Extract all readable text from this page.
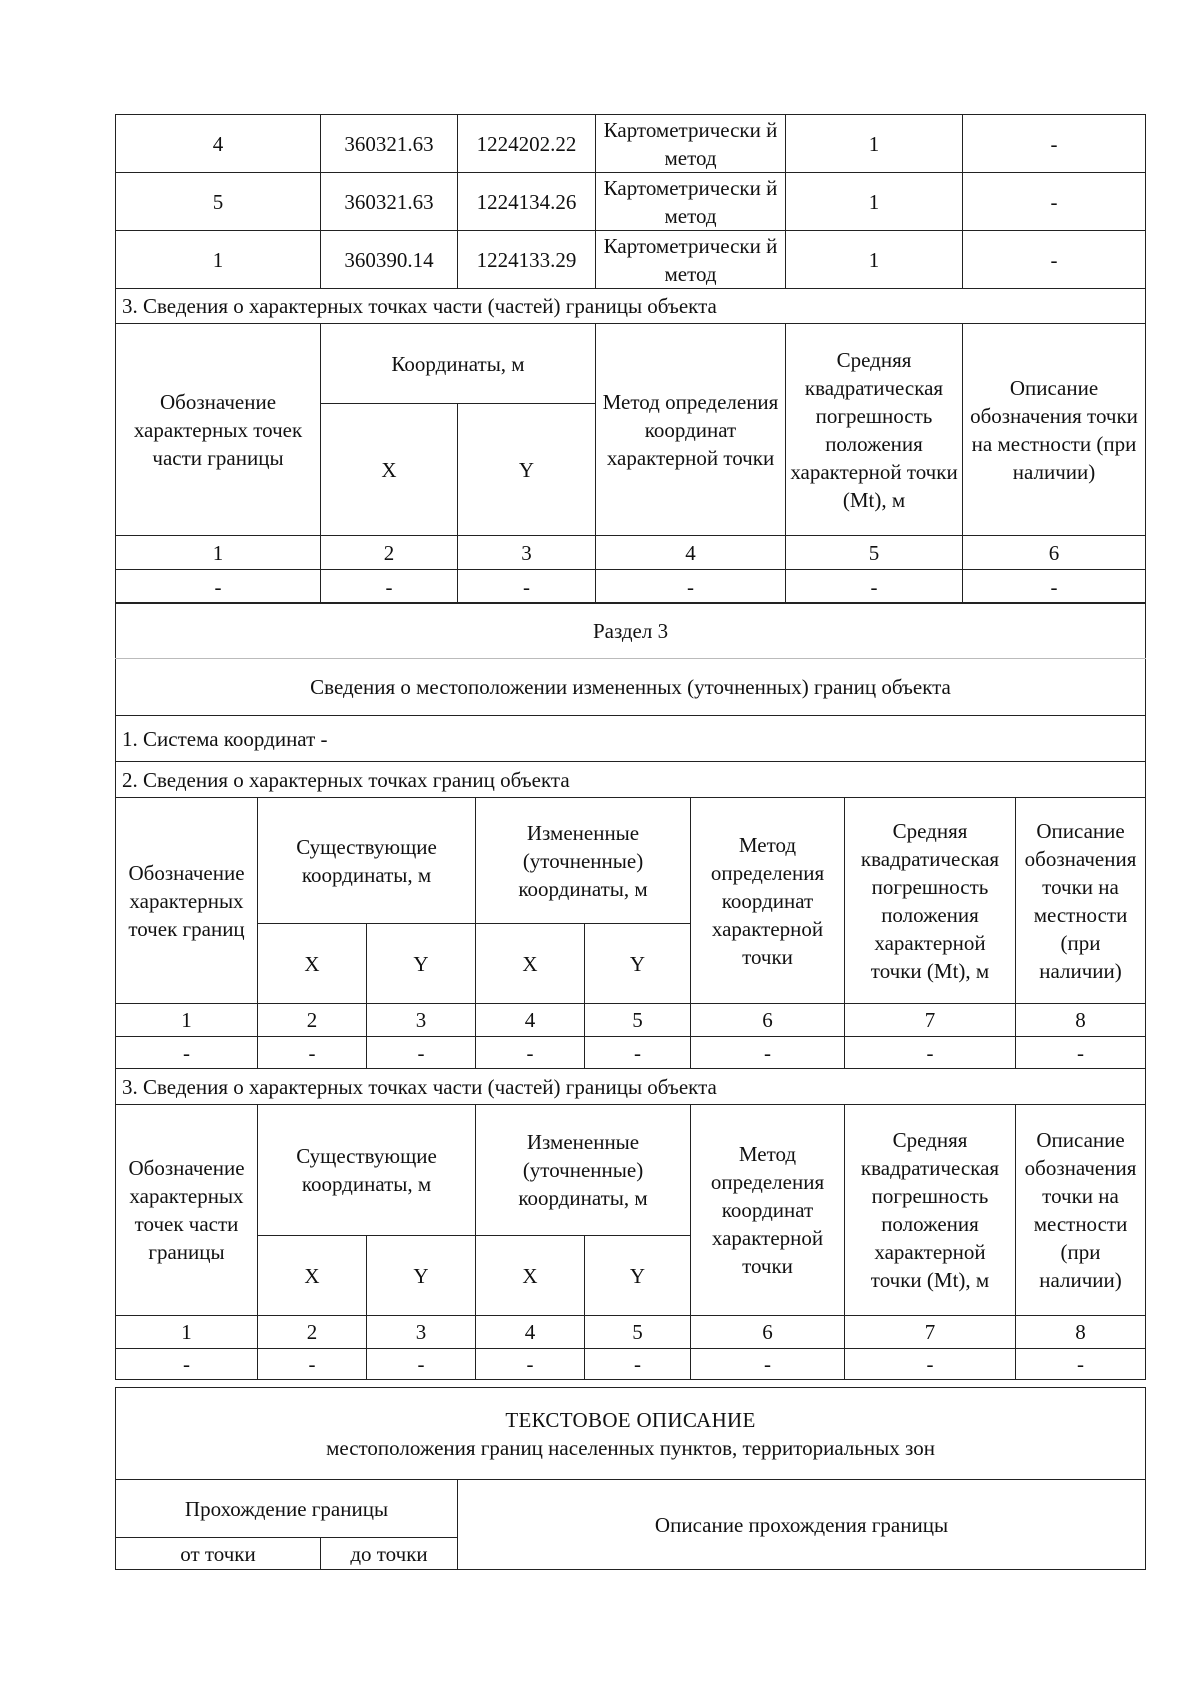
4	360321.63	1224202.22	Картометрически й метод	1	-
5	360321.63	1224134.26	Картометрически й метод	1	-
1	360390.14	1224133.29	Картометрически й метод	1	-
3. Сведения о характерных точках части (частей) границы объекта					
Обозначение характерных точек части границы	Координаты, м		Метод определения координат характерной точки	Средняя квадратическая погрешность положения характерной точки (Mt), м	Описание обозначения точки на местности (при наличии)
	X	Y			
1	2	3	4	5	6
-	-	-	-	-	-
Раздел 3							
Сведения о местоположении измененных (уточненных) границ объекта							
1. Система координат -							
2. Сведения о характерных точках границ объекта							
Обозначение характерных точек границ	Существующие координаты, м		Измененные (уточненные) координаты, м		Метод определения координат характерной точки	Средняя квадратическая погрешность положения характерной точки (Mt), м	Описание обозначения точки на местности (при наличии)
	X	Y	X	Y			
1	2	3	4	5	6	7	8
-	-	-	-	-	-	-	-
3. Сведения о характерных точках части (частей) границы объекта							
Обозначение характерных точек части границы	Существующие координаты, м		Измененные (уточненные) координаты, м		Метод определения координат характерной точки	Средняя квадратическая погрешность положения характерной точки (Mt), м	Описание обозначения точки на местности (при наличии)
	X	Y	X	Y			
1	2	3	4	5	6	7	8
-	-	-	-	-	-	-	-
ТЕКСТОВОЕ ОПИСАНИЕ
местоположения границ населенных пунктов, территориальных зон		

Прохождение границы		Описание прохождения границы
от точки	до точки	
